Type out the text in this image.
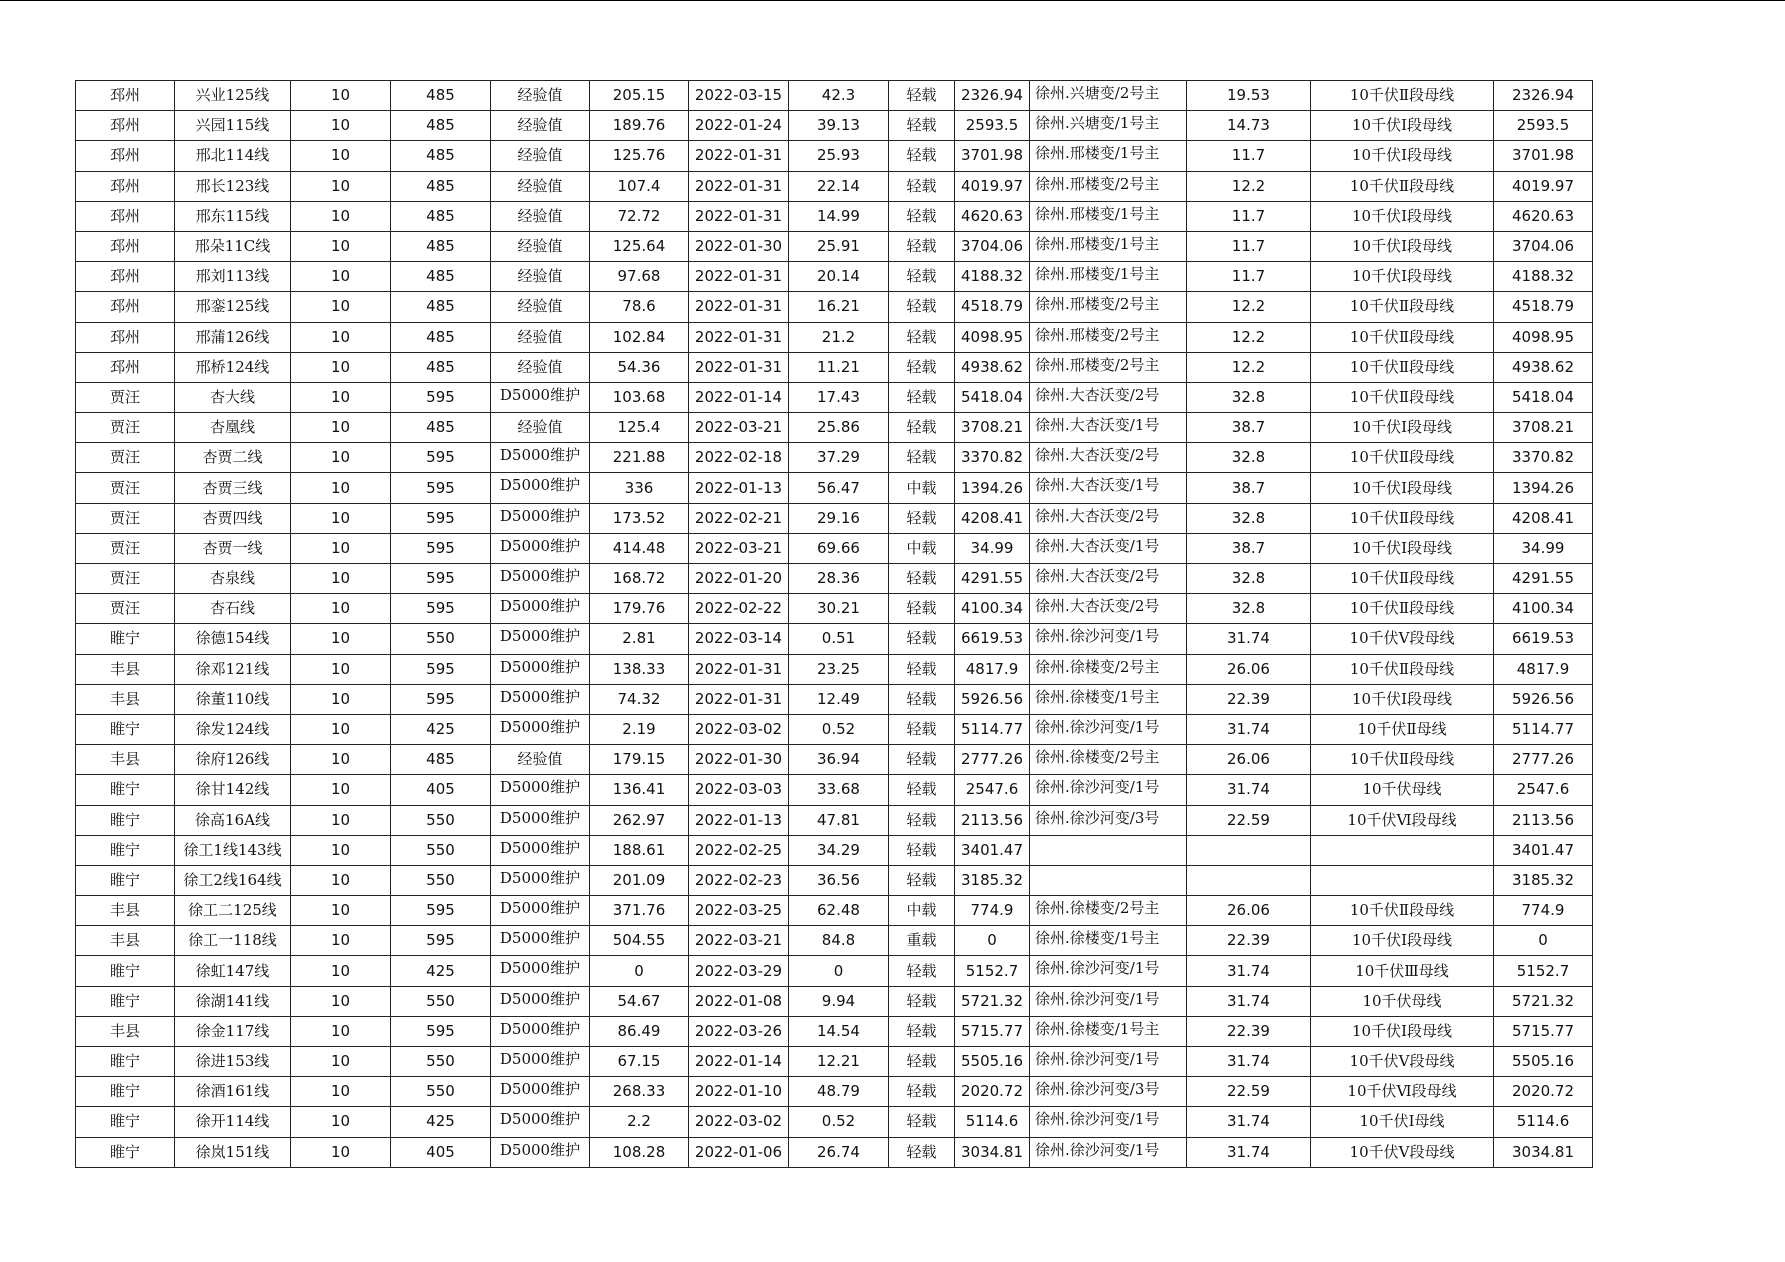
邳州	兴业125线	10	485	经验值	205.15	2022-03-15	42.3	轻载	2326.94	徐州.兴塘变/2号主	19.53	10千伏Ⅱ段母线	2326.94
邳州	兴园115线	10	485	经验值	189.76	2022-01-24	39.13	轻载	2593.5	徐州.兴塘变/1号主	14.73	10千伏Ⅰ段母线	2593.5
邳州	邢北114线	10	485	经验值	125.76	2022-01-31	25.93	轻载	3701.98	徐州.邢楼变/1号主	11.7	10千伏Ⅰ段母线	3701.98
邳州	邢长123线	10	485	经验值	107.4	2022-01-31	22.14	轻载	4019.97	徐州.邢楼变/2号主	12.2	10千伏Ⅱ段母线	4019.97
邳州	邢东115线	10	485	经验值	72.72	2022-01-31	14.99	轻载	4620.63	徐州.邢楼变/1号主	11.7	10千伏Ⅰ段母线	4620.63
邳州	邢朵11C线	10	485	经验值	125.64	2022-01-30	25.91	轻载	3704.06	徐州.邢楼变/1号主	11.7	10千伏Ⅰ段母线	3704.06
邳州	邢刘113线	10	485	经验值	97.68	2022-01-31	20.14	轻载	4188.32	徐州.邢楼变/1号主	11.7	10千伏Ⅰ段母线	4188.32
邳州	邢銮125线	10	485	经验值	78.6	2022-01-31	16.21	轻载	4518.79	徐州.邢楼变/2号主	12.2	10千伏Ⅱ段母线	4518.79
邳州	邢蒲126线	10	485	经验值	102.84	2022-01-31	21.2	轻载	4098.95	徐州.邢楼变/2号主	12.2	10千伏Ⅱ段母线	4098.95
邳州	邢桥124线	10	485	经验值	54.36	2022-01-31	11.21	轻载	4938.62	徐州.邢楼变/2号主	12.2	10千伏Ⅱ段母线	4938.62
贾汪	杏大线	10	595	D5000维护	103.68	2022-01-14	17.43	轻载	5418.04	徐州.大杏沃变/2号	32.8	10千伏Ⅱ段母线	5418.04
贾汪	杏凰线	10	485	经验值	125.4	2022-03-21	25.86	轻载	3708.21	徐州.大杏沃变/1号	38.7	10千伏Ⅰ段母线	3708.21
贾汪	杏贾二线	10	595	D5000维护	221.88	2022-02-18	37.29	轻载	3370.82	徐州.大杏沃变/2号	32.8	10千伏Ⅱ段母线	3370.82
贾汪	杏贾三线	10	595	D5000维护	336	2022-01-13	56.47	中载	1394.26	徐州.大杏沃变/1号	38.7	10千伏Ⅰ段母线	1394.26
贾汪	杏贾四线	10	595	D5000维护	173.52	2022-02-21	29.16	轻载	4208.41	徐州.大杏沃变/2号	32.8	10千伏Ⅱ段母线	4208.41
贾汪	杏贾一线	10	595	D5000维护	414.48	2022-03-21	69.66	中载	34.99	徐州.大杏沃变/1号	38.7	10千伏Ⅰ段母线	34.99
贾汪	杏泉线	10	595	D5000维护	168.72	2022-01-20	28.36	轻载	4291.55	徐州.大杏沃变/2号	32.8	10千伏Ⅱ段母线	4291.55
贾汪	杏石线	10	595	D5000维护	179.76	2022-02-22	30.21	轻载	4100.34	徐州.大杏沃变/2号	32.8	10千伏Ⅱ段母线	4100.34
睢宁	徐德154线	10	550	D5000维护	2.81	2022-03-14	0.51	轻载	6619.53	徐州.徐沙河变/1号	31.74	10千伏Ⅴ段母线	6619.53
丰县	徐邓121线	10	595	D5000维护	138.33	2022-01-31	23.25	轻载	4817.9	徐州.徐楼变/2号主	26.06	10千伏Ⅱ段母线	4817.9
丰县	徐董110线	10	595	D5000维护	74.32	2022-01-31	12.49	轻载	5926.56	徐州.徐楼变/1号主	22.39	10千伏Ⅰ段母线	5926.56
睢宁	徐发124线	10	425	D5000维护	2.19	2022-03-02	0.52	轻载	5114.77	徐州.徐沙河变/1号	31.74	10千伏Ⅱ母线	5114.77
丰县	徐府126线	10	485	经验值	179.15	2022-01-30	36.94	轻载	2777.26	徐州.徐楼变/2号主	26.06	10千伏Ⅱ段母线	2777.26
睢宁	徐甘142线	10	405	D5000维护	136.41	2022-03-03	33.68	轻载	2547.6	徐州.徐沙河变/1号	31.74	10千伏母线	2547.6
睢宁	徐高16A线	10	550	D5000维护	262.97	2022-01-13	47.81	轻载	2113.56	徐州.徐沙河变/3号	22.59	10千伏Ⅵ段母线	2113.56
睢宁	徐工1线143线	10	550	D5000维护	188.61	2022-02-25	34.29	轻载	3401.47				3401.47
睢宁	徐工2线164线	10	550	D5000维护	201.09	2022-02-23	36.56	轻载	3185.32				3185.32
丰县	徐工二125线	10	595	D5000维护	371.76	2022-03-25	62.48	中载	774.9	徐州.徐楼变/2号主	26.06	10千伏Ⅱ段母线	774.9
丰县	徐工一118线	10	595	D5000维护	504.55	2022-03-21	84.8	重载	0	徐州.徐楼变/1号主	22.39	10千伏Ⅰ段母线	0
睢宁	徐虹147线	10	425	D5000维护	0	2022-03-29	0	轻载	5152.7	徐州.徐沙河变/1号	31.74	10千伏Ⅲ母线	5152.7
睢宁	徐湖141线	10	550	D5000维护	54.67	2022-01-08	9.94	轻载	5721.32	徐州.徐沙河变/1号	31.74	10千伏母线	5721.32
丰县	徐金117线	10	595	D5000维护	86.49	2022-03-26	14.54	轻载	5715.77	徐州.徐楼变/1号主	22.39	10千伏Ⅰ段母线	5715.77
睢宁	徐进153线	10	550	D5000维护	67.15	2022-01-14	12.21	轻载	5505.16	徐州.徐沙河变/1号	31.74	10千伏Ⅴ段母线	5505.16
睢宁	徐酒161线	10	550	D5000维护	268.33	2022-01-10	48.79	轻载	2020.72	徐州.徐沙河变/3号	22.59	10千伏Ⅵ段母线	2020.72
睢宁	徐开114线	10	425	D5000维护	2.2	2022-03-02	0.52	轻载	5114.6	徐州.徐沙河变/1号	31.74	10千伏Ⅰ母线	5114.6
睢宁	徐岚151线	10	405	D5000维护	108.28	2022-01-06	26.74	轻载	3034.81	徐州.徐沙河变/1号	31.74	10千伏Ⅴ段母线	3034.81
